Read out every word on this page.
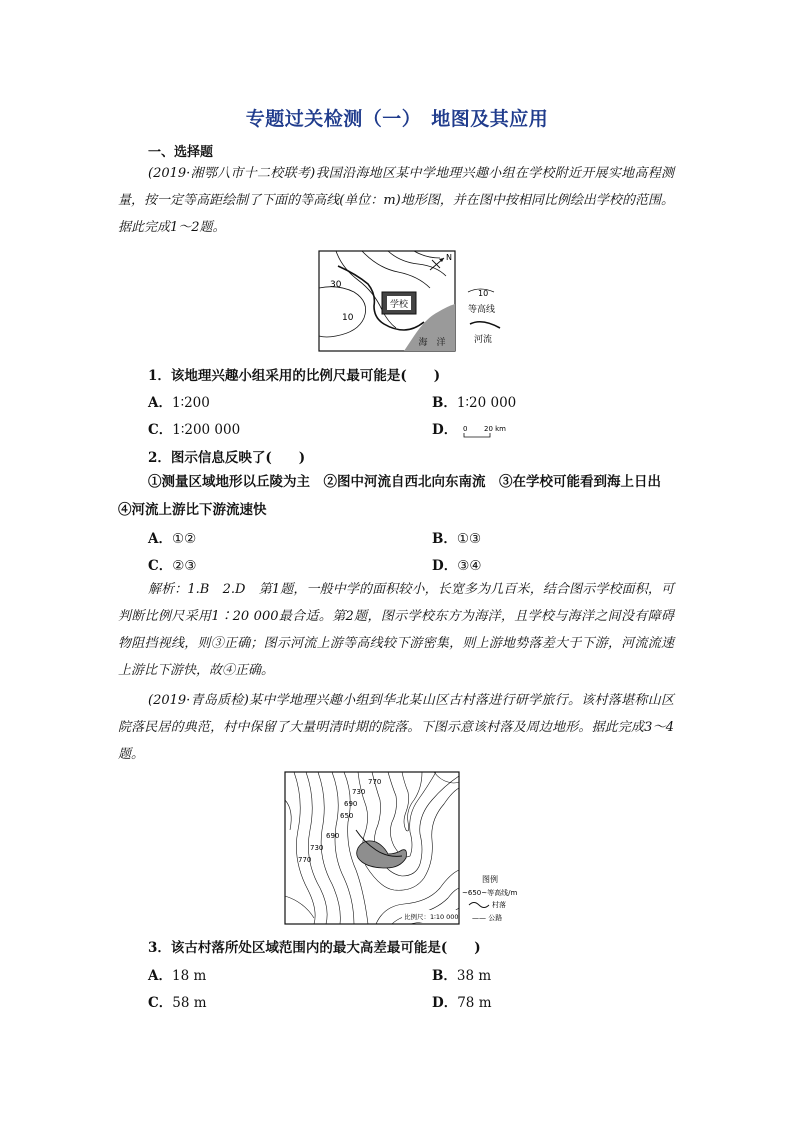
专题过关检测（一）　地图及其应用
一、选择题
(2019·湘鄂八市十二校联考)我国沿海地区某中学地理兴趣小组在学校附近开展实地高程测量，按一定等高距绘制了下面的等高线(单位：m)地形图，并在图中按相同比例绘出学校的范围。据此完成1～2题。
学校
海　洋
30
10
N
10
等高线
河流
1．该地理兴趣小组采用的比例尺最可能是(　　)
A．1∶200	B．1∶20 000
C．1∶200 000	D． 0 20 km
2．图示信息反映了(　　)
①测量区域地形以丘陵为主　②图中河流自西北向东南流　③在学校可能看到海上日出　④河流上游比下游流速快
A．①②	B．①③
C．②③	D．③④
解析：1.B　2.D　第1题，一般中学的面积较小，长宽多为几百米，结合图示学校面积，可判断比例尺采用1∶20 000最合适。第2题，图示学校东方为海洋，且学校与海洋之间没有障碍物阻挡视线，则③正确；图示河流上游等高线较下游密集，则上游地势落差大于下游，河流流速上游比下游快，故④正确。
(2019·青岛质检)某中学地理兴趣小组到华北某山区古村落进行研学旅行。该村落堪称山区院落民居的典范，村中保留了大量明清时期的院落。下图示意该村落及周边地形。据此完成3～4题。
770
730
690
650
690
730
770
比例尺：1∶10 000
图例
~650~等高线/m
村落
—— 公路
3．该古村落所处区域范围内的最大高差最可能是(　　)
A．18 m	B．38 m
C．58 m	D．78 m
